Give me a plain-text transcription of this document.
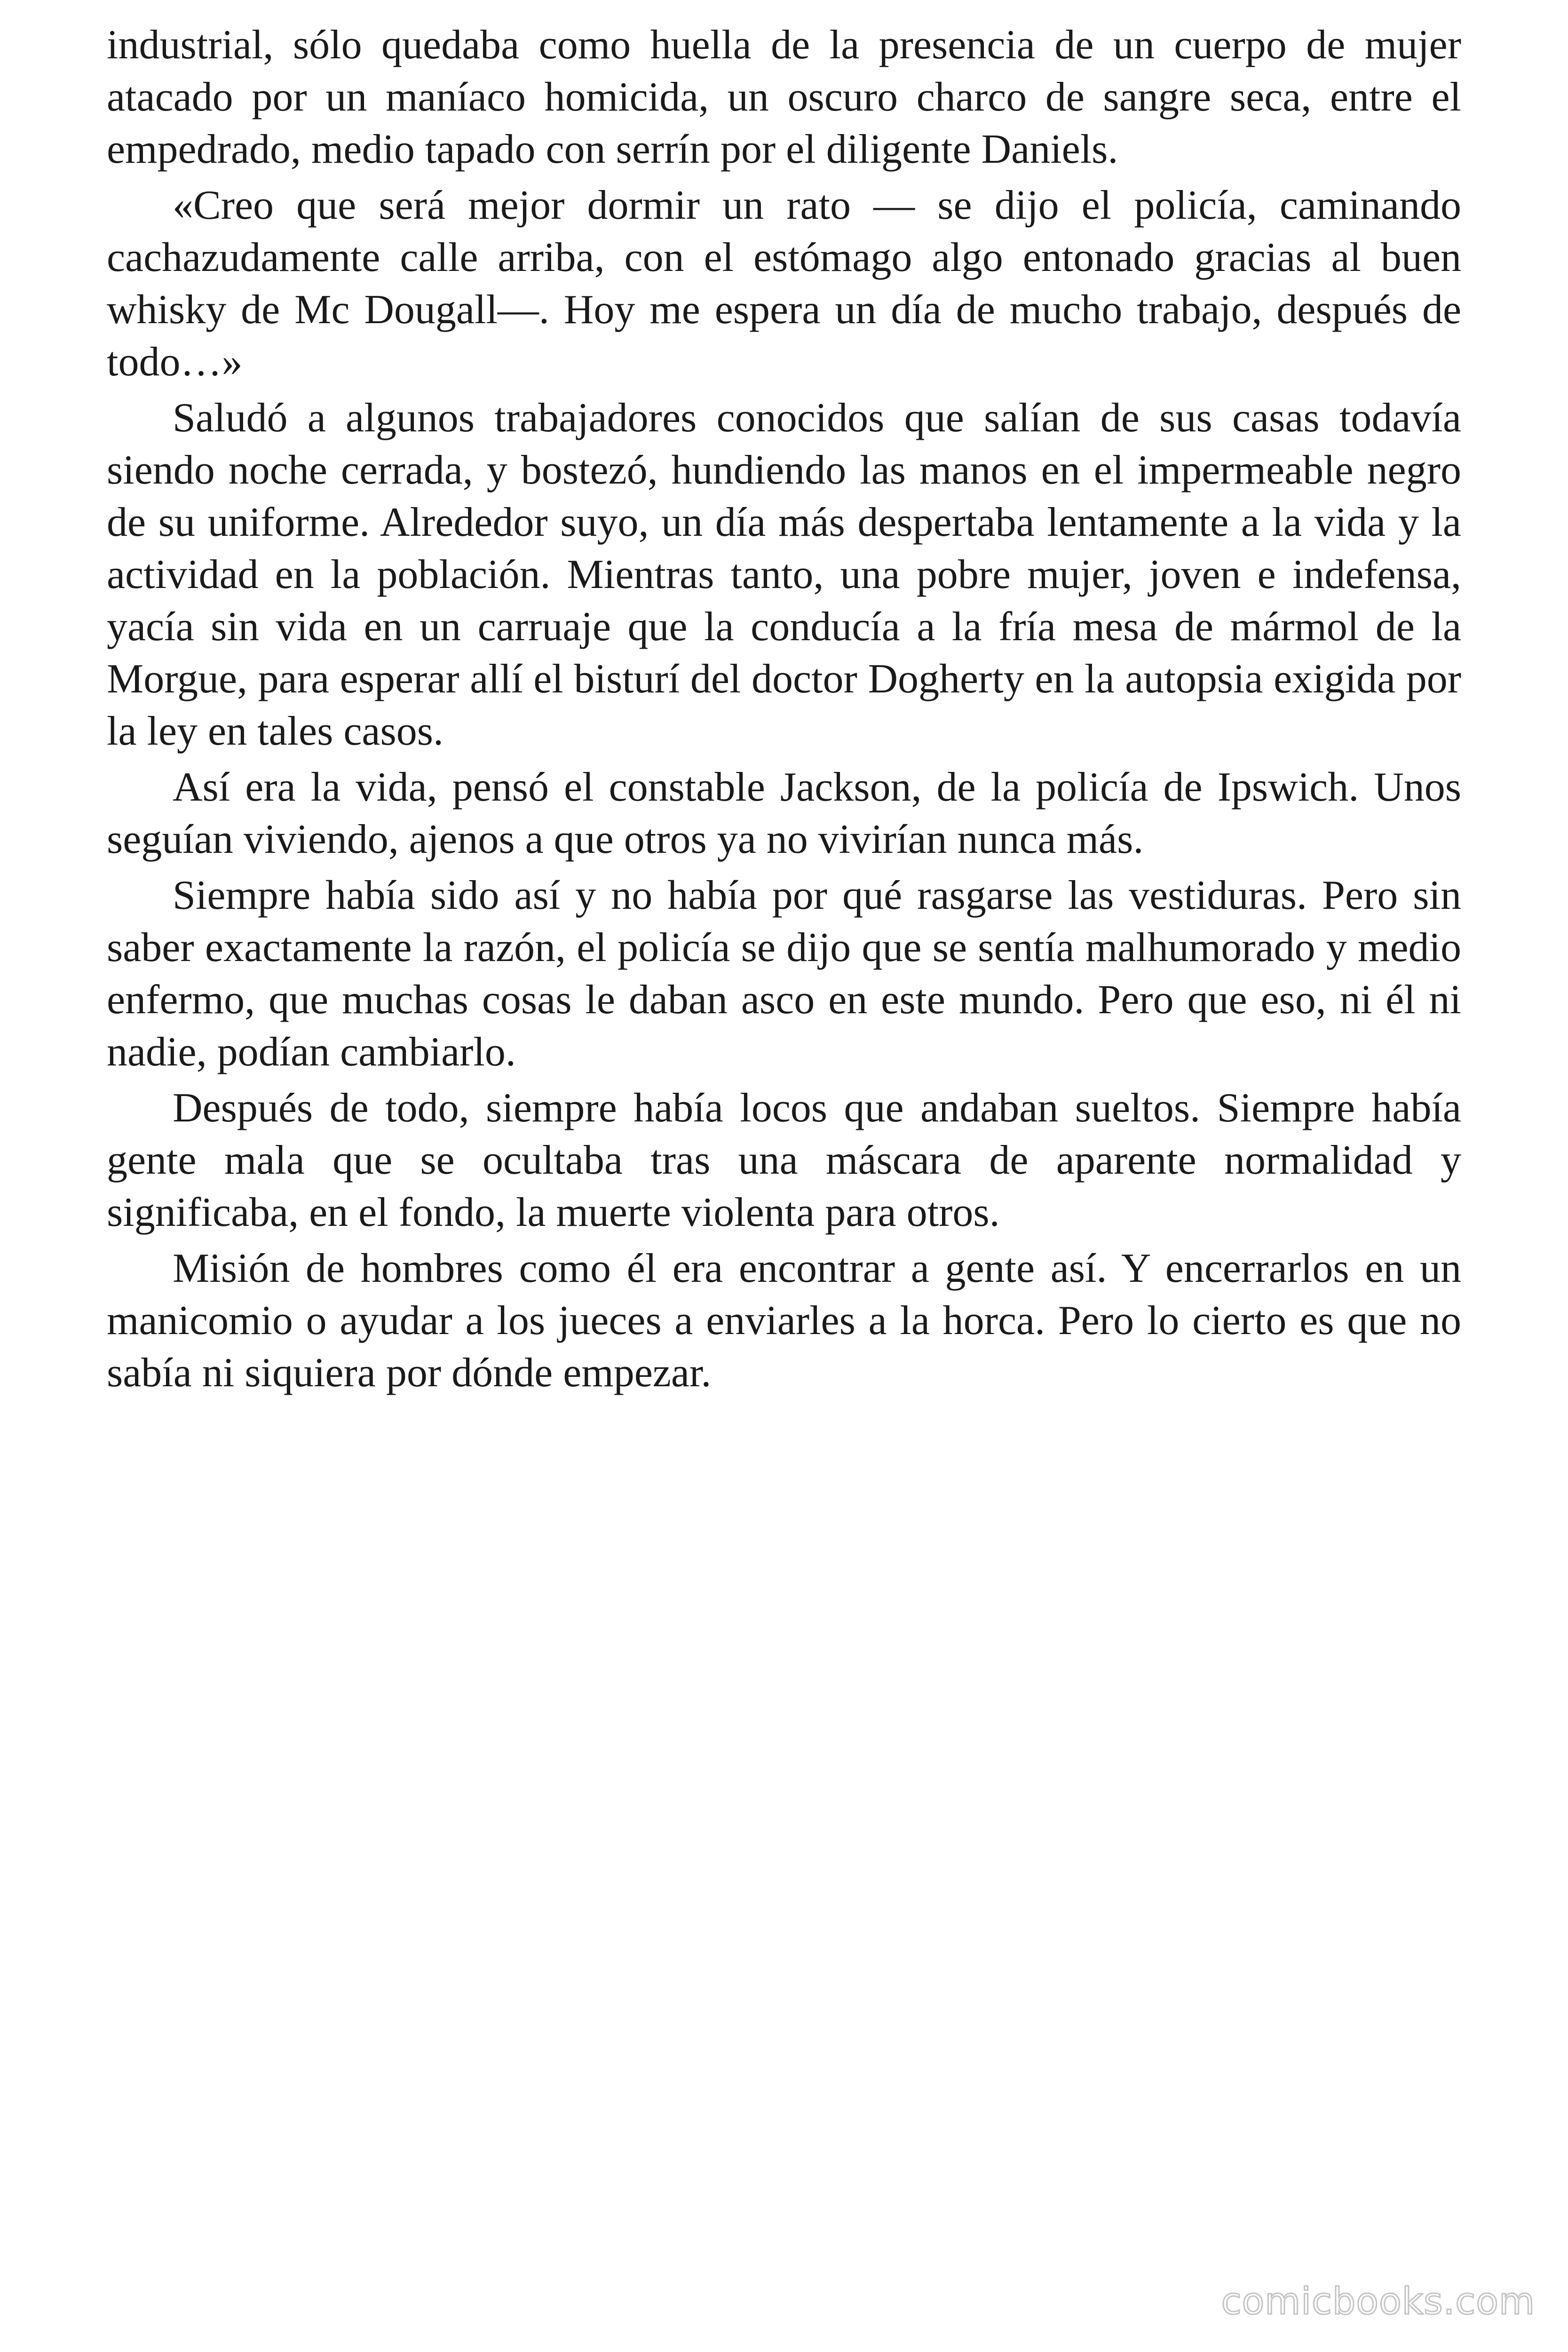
industrial, sólo quedaba como huella de la presencia de un cuerpo de mujer atacado por un maníaco homicida, un oscuro charco de sangre seca, entre el empedrado, medio tapado con serrín por el diligente Daniels.

«Creo que será mejor dormir un rato — se dijo el policía, caminando cachazudamente calle arriba, con el estómago algo entonado gracias al buen whisky de Mc Dougall—. Hoy me espera un día de mucho trabajo, después de todo…»

Saludó a algunos trabajadores conocidos que salían de sus casas todavía siendo noche cerrada, y bostezó, hundiendo las manos en el impermeable negro de su uniforme. Alrededor suyo, un día más despertaba lentamente a la vida y la actividad en la población. Mientras tanto, una pobre mujer, joven e indefensa, yacía sin vida en un carruaje que la conducía a la fría mesa de mármol de la Morgue, para esperar allí el bisturí del doctor Dogherty en la autopsia exigida por la ley en tales casos.

Así era la vida, pensó el constable Jackson, de la policía de Ipswich. Unos seguían viviendo, ajenos a que otros ya no vivirían nunca más.

Siempre había sido así y no había por qué rasgarse las vestiduras. Pero sin saber exactamente la razón, el policía se dijo que se sentía malhumorado y medio enfermo, que muchas cosas le daban asco en este mundo. Pero que eso, ni él ni nadie, podían cambiarlo.

Después de todo, siempre había locos que andaban sueltos. Siempre había gente mala que se ocultaba tras una máscara de aparente normalidad y significaba, en el fondo, la muerte violenta para otros.

Misión de hombres como él era encontrar a gente así. Y encerrarlos en un manicomio o ayudar a los jueces a enviarles a la horca. Pero lo cierto es que no sabía ni siquiera por dónde empezar.

comicbooks.com
